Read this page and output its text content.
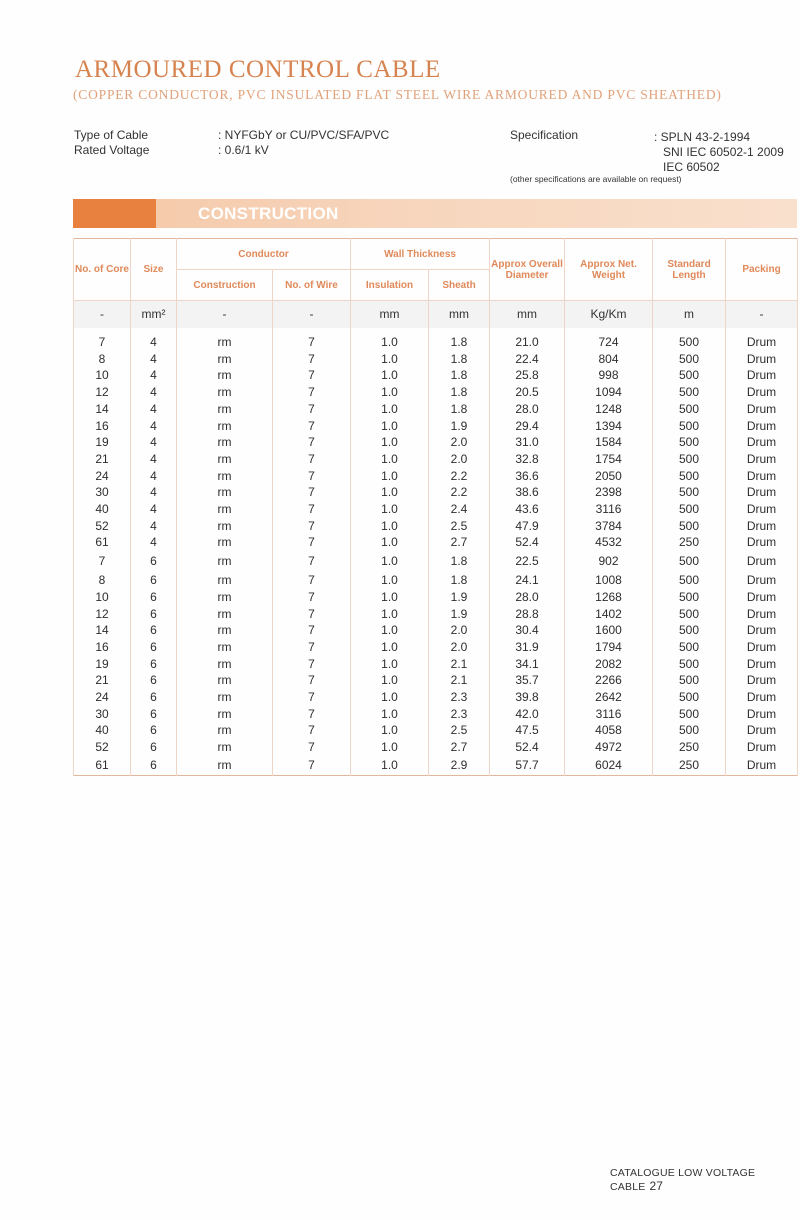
ARMOURED CONTROL CABLE
(COPPER CONDUCTOR, PVC INSULATED FLAT STEEL WIRE ARMOURED AND PVC SHEATHED)
Type of Cable
Rated Voltage
: NYFGbY or CU/PVC/SFA/PVC
: 0.6/1 kV
Specification	: SPLN 43-2-1994
SNI IEC 60502-1 2009
IEC 60502
(other specifications are available on request)
CONSTRUCTION
No. of Core	Size	Conductor		Wall Thickness		Approx Overall Diameter	Approx Net. Weight	Standard Length	Packing
		Construction	No. of Wire	Insulation	Sheath				
-	mm²	-	-	mm	mm	mm	Kg/Km	m	-
7	4	rm	7	1.0	1.8	21.0	724	500	Drum
8	4	rm	7	1.0	1.8	22.4	804	500	Drum
10	4	rm	7	1.0	1.8	25.8	998	500	Drum
12	4	rm	7	1.0	1.8	20.5	1094	500	Drum
14	4	rm	7	1.0	1.8	28.0	1248	500	Drum
16	4	rm	7	1.0	1.9	29.4	1394	500	Drum
19	4	rm	7	1.0	2.0	31.0	1584	500	Drum
21	4	rm	7	1.0	2.0	32.8	1754	500	Drum
24	4	rm	7	1.0	2.2	36.6	2050	500	Drum
30	4	rm	7	1.0	2.2	38.6	2398	500	Drum
40	4	rm	7	1.0	2.4	43.6	3116	500	Drum
52	4	rm	7	1.0	2.5	47.9	3784	500	Drum
61	4	rm	7	1.0	2.7	52.4	4532	250	Drum
7	6	rm	7	1.0	1.8	22.5	902	500	Drum
8	6	rm	7	1.0	1.8	24.1	1008	500	Drum
10	6	rm	7	1.0	1.9	28.0	1268	500	Drum
12	6	rm	7	1.0	1.9	28.8	1402	500	Drum
14	6	rm	7	1.0	2.0	30.4	1600	500	Drum
16	6	rm	7	1.0	2.0	31.9	1794	500	Drum
19	6	rm	7	1.0	2.1	34.1	2082	500	Drum
21	6	rm	7	1.0	2.1	35.7	2266	500	Drum
24	6	rm	7	1.0	2.3	39.8	2642	500	Drum
30	6	rm	7	1.0	2.3	42.0	3116	500	Drum
40	6	rm	7	1.0	2.5	47.5	4058	500	Drum
52	6	rm	7	1.0	2.7	52.4	4972	250	Drum
61	6	rm	7	1.0	2.9	57.7	6024	250	Drum
CATALOGUE LOW VOLTAGE CABLE 27
